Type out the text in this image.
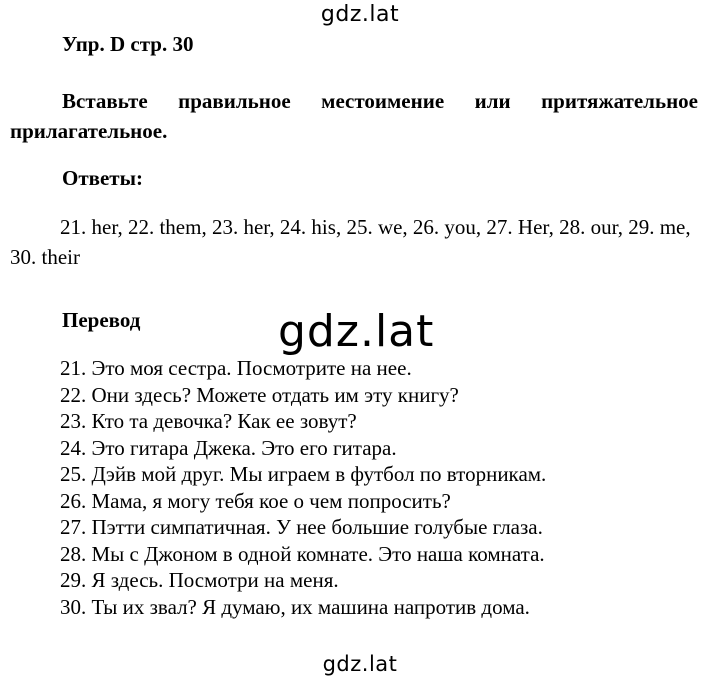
gdz.lat
Упр. D стр. 30
Вставьте правильное местоимение или притяжательное
прилагательное.
Ответы:
21. her, 22. them, 23. her, 24. his, 25. we, 26. you, 27. Her, 28. our, 29. me, 30. their
Перевод	gdz.lat
21. Это моя сестра. Посмотрите на нее.
22. Они здесь? Можете отдать им эту книгу?
23. Кто та девочка? Как ее зовут?
24. Это гитара Джека. Это его гитара.
25. Дэйв мой друг. Мы играем в футбол по вторникам.
26. Мама, я могу тебя кое о чем попросить?
27. Пэтти симпатичная. У нее большие голубые глаза.
28. Мы с Джоном в одной комнате. Это наша комната.
29. Я здесь. Посмотри на меня.
30. Ты их звал? Я думаю, их машина напротив дома.
gdz.lat
